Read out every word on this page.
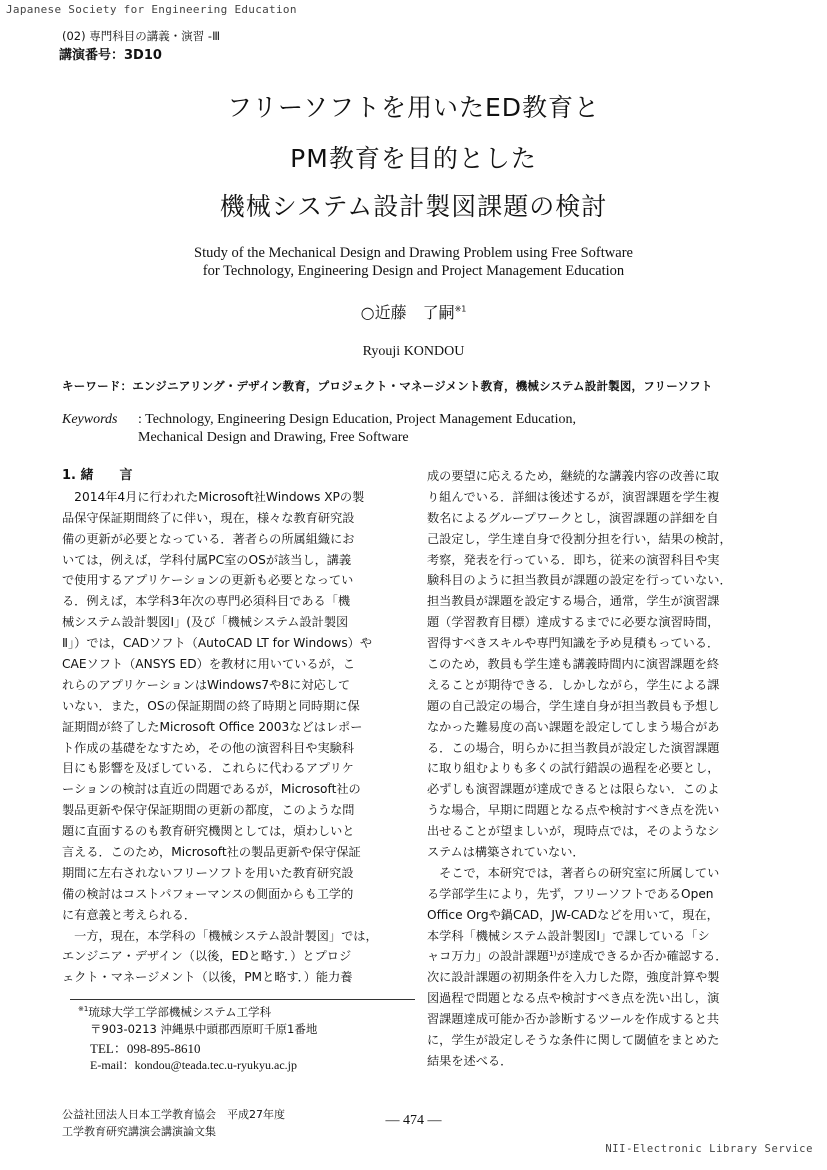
Japanese Society for Engineering Education
(02) 専門科目の講義・演習 -Ⅲ
講演番号：3D10
フリーソフトを用いたED教育と
PM教育を目的とした
機械システム設計製図課題の検討
Study of the Mechanical Design and Drawing Problem using Free Software
for Technology, Engineering Design and Project Management Education
○近藤　了嗣$^{※1}$
Ryouji KONDOU
キーワード：エンジニアリング・デザイン教育，プロジェクト・マネージメント教育，機械システム設計製図，フリーソフト
Keywords : Technology, Engineering Design Education, Project Management Education,
Mechanical Design and Drawing, Free Software
1. 緒　　言
　2014年4月に行われたMicrosoft社Windows XPの製
品保守保証期間終了に伴い，現在，様々な教育研究設
備の更新が必要となっている．著者らの所属組織にお
いては，例えば，学科付属PC室のOSが該当し，講義
で使用するアプリケーションの更新も必要となってい
る．例えば，本学科3年次の専門必須科目である「機
械システム設計製図Ⅰ」(及び「機械システム設計製図
Ⅱ」）では，CADソフト（AutoCAD LT for Windows）や
CAEソフト（ANSYS ED）を教材に用いているが，こ
れらのアプリケーションはWindows7や8に対応して
いない．また，OSの保証期間の終了時期と同時期に保
証期間が終了したMicrosoft Office 2003などはレポー
ト作成の基礎をなすため，その他の演習科目や実験科
目にも影響を及ぼしている．これらに代わるアプリケ
ーションの検討は直近の問題であるが，Microsoft社の
製品更新や保守保証期間の更新の都度，このような問
題に直面するのも教育研究機関としては，煩わしいと
言える．このため，Microsoft社の製品更新や保守保証
期間に左右されないフリーソフトを用いた教育研究設
備の検討はコストパフォーマンスの側面からも工学的
に有意義と考えられる．
　一方，現在，本学科の「機械システム設計製図」では，
エンジニア・デザイン（以後，EDと略す．）とプロジ
ェクト・マネージメント（以後，PMと略す．）能力養
成の要望に応えるため，継続的な講義内容の改善に取
り組んでいる．詳細は後述するが，演習課題を学生複
数名によるグループワークとし，演習課題の詳細を自
己設定し，学生達自身で役割分担を行い，結果の検討，
考察，発表を行っている．即ち，従来の演習科目や実
験科目のように担当教員が課題の設定を行っていない．
担当教員が課題を設定する場合，通常，学生が演習課
題（学習教育目標）達成するまでに必要な演習時間，
習得すべきスキルや専門知識を予め見積もっている．
このため，教員も学生達も講義時間内に演習課題を終
えることが期待できる．しかしながら，学生による課
題の自己設定の場合，学生達自身が担当教員も予想し
なかった難易度の高い課題を設定してしまう場合があ
る．この場合，明らかに担当教員が設定した演習課題
に取り組むよりも多くの試行錯誤の過程を必要とし，
必ずしも演習課題が達成できるとは限らない．このよ
うな場合，早期に問題となる点や検討すべき点を洗い
出せることが望ましいが，現時点では，そのようなシ
ステムは構築されていない．
　そこで，本研究では，著者らの研究室に所属してい
る学部学生により，先ず，フリーソフトであるOpen
Office Orgや鍋CAD，JW-CADなどを用いて，現在，
本学科「機械システム設計製図Ⅰ」で課している「シ
ャコ万力」の設計課題¹⁾が達成できるか否か確認する．
次に設計課題の初期条件を入力した際，強度計算や製
図過程で問題となる点や検討すべき点を洗い出し，演
習課題達成可能か否か診断するツールを作成すると共
に，学生が設定しそうな条件に関して閾値をまとめた
結果を述べる．
$^{※1}$琉球大学工学部機械システム工学科
〒903-0213 沖縄県中頭郡西原町千原1番地
TEL：098-895-8610
E-mail：kondou@teada.tec.u-ryukyu.ac.jp
公益社団法人日本工学教育協会　平成27年度
工学教育研究講演会講演論文集
― 474 ―
NII-Electronic Library Service
